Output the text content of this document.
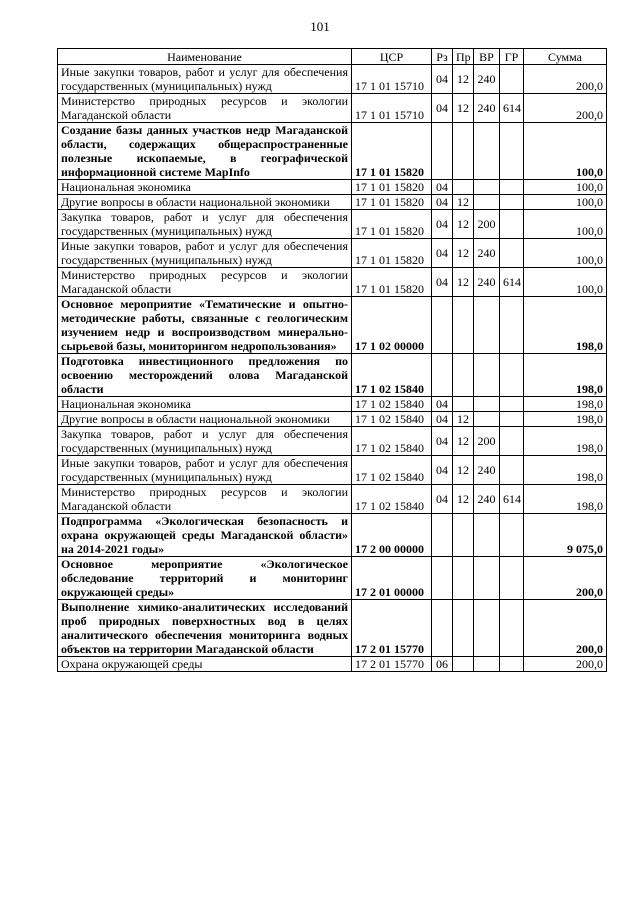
101
Наименование	ЦСР	Рз	Пр	ВР	ГР	Сумма
Иные закупки товаров, работ и услуг для обеспечения государственных (муниципальных) нужд	17 1 01 15710	04	12	240		200,0
Министерство природных ресурсов и экологии Магаданской области	17 1 01 15710	04	12	240	614	200,0
Создание базы данных участков недр Магаданской области, содержащих общераспространенные полезные ископаемые, в географической информационной системе MapInfo	17 1 01 15820					100,0
Национальная экономика	17 1 01 15820	04				100,0
Другие вопросы в области национальной экономики	17 1 01 15820	04	12			100,0
Закупка товаров, работ и услуг для обеспечения государственных (муниципальных) нужд	17 1 01 15820	04	12	200		100,0
Иные закупки товаров, работ и услуг для обеспечения государственных (муниципальных) нужд	17 1 01 15820	04	12	240		100,0
Министерство природных ресурсов и экологии Магаданской области	17 1 01 15820	04	12	240	614	100,0
Основное мероприятие «Тематические и опытно-методические работы, связанные с геологическим изучением недр и воспроизводством минерально-сырьевой базы, мониторингом недропользования»	17 1 02 00000					198,0
Подготовка инвестиционного предложения по освоению месторождений олова Магаданской области	17 1 02 15840					198,0
Национальная экономика	17 1 02 15840	04				198,0
Другие вопросы в области национальной экономики	17 1 02 15840	04	12			198,0
Закупка товаров, работ и услуг для обеспечения государственных (муниципальных) нужд	17 1 02 15840	04	12	200		198,0
Иные закупки товаров, работ и услуг для обеспечения государственных (муниципальных) нужд	17 1 02 15840	04	12	240		198,0
Министерство природных ресурсов и экологии Магаданской области	17 1 02 15840	04	12	240	614	198,0
Подпрограмма «Экологическая безопасность и охрана окружающей среды Магаданской области» на 2014-2021 годы»	17 2 00 00000					9 075,0
Основное мероприятие «Экологическое обследование территорий и мониторинг окружающей среды»	17 2 01 00000					200,0
Выполнение химико-аналитических исследований проб природных поверхностных вод в целях аналитического обеспечения мониторинга водных объектов на территории Магаданской области	17 2 01 15770					200,0
Охрана окружающей среды	17 2 01 15770	06				200,0
